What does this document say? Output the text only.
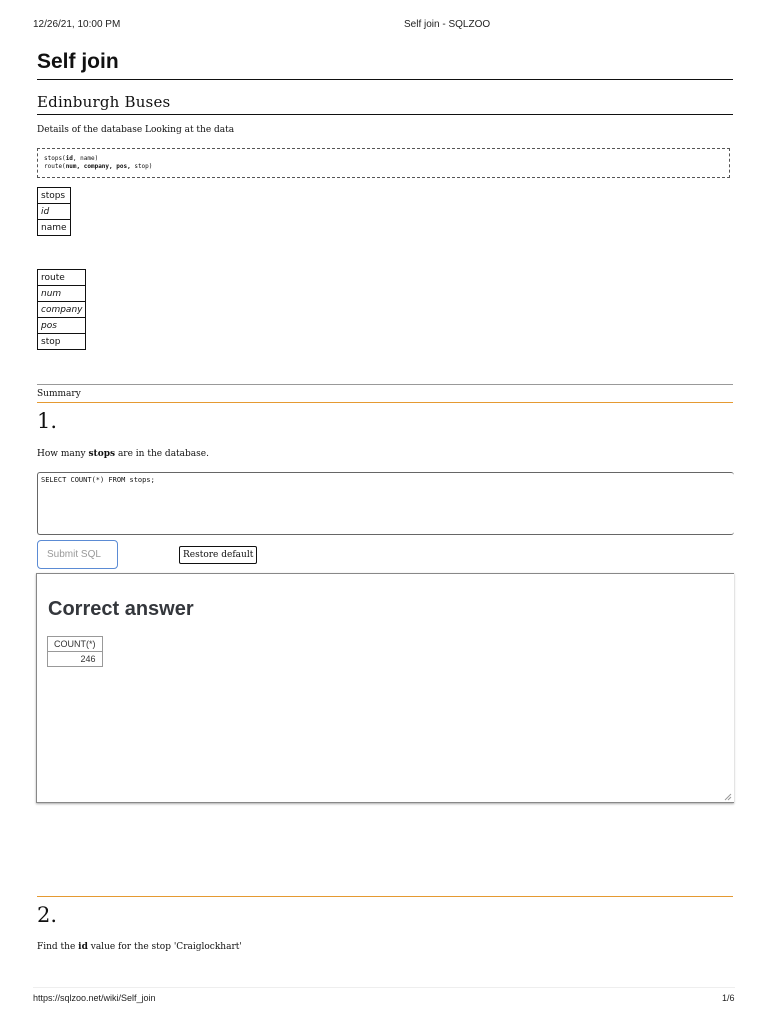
12/26/21, 10:00 PM	Self join - SQLZOO
Self join
Edinburgh Buses
Details of the database Looking at the data
stops(id, name)
route(num, company, pos, stop)
stops
id
name
route
num
company
pos
stop
Summary
1.
How many stops are in the database.
SELECT COUNT(*) FROM stops;
Submit SQL	Restore default
Correct answer
COUNT(*)
246
2.
Find the id value for the stop 'Craiglockhart'
https://sqlzoo.net/wiki/Self_join	1/6
